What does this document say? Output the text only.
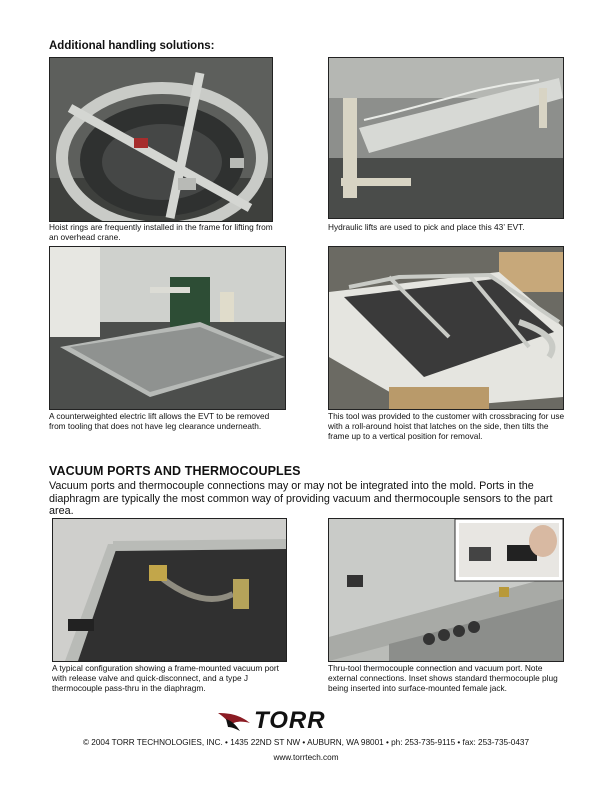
Additional handling solutions:
Hoist rings are frequently installed in the frame for lifting from an overhead crane.
Hydraulic lifts are used to pick and place this 43’ EVT.
A counterweighted electric lift allows the EVT to be removed from tooling that does not have leg clearance underneath.
This tool was provided to the customer with crossbracing for use with a roll-around hoist that latches on the side, then tilts the frame up to a vertical position for removal.
VACUUM PORTS AND THERMOCOUPLES
Vacuum ports and thermocouple connections may or may not be integrated into the mold. Ports in the diaphragm are typically the most common way of providing vacuum and thermocouple sensors to the part area.
A typical configuration showing a frame-mounted vacuum port with release valve and quick-disconnect, and a type J thermocouple pass-thru in the diaphragm.
Thru-tool thermocouple connection and vacuum port. Note external connections. Inset shows standard thermocouple plug being inserted into surface-mounted female jack.
TORR
© 2004 TORR TECHNOLOGIES, INC. • 1435 22ND ST NW • AUBURN, WA 98001 • ph: 253-735-9115 • fax: 253-735-0437
www.torrtech.com
